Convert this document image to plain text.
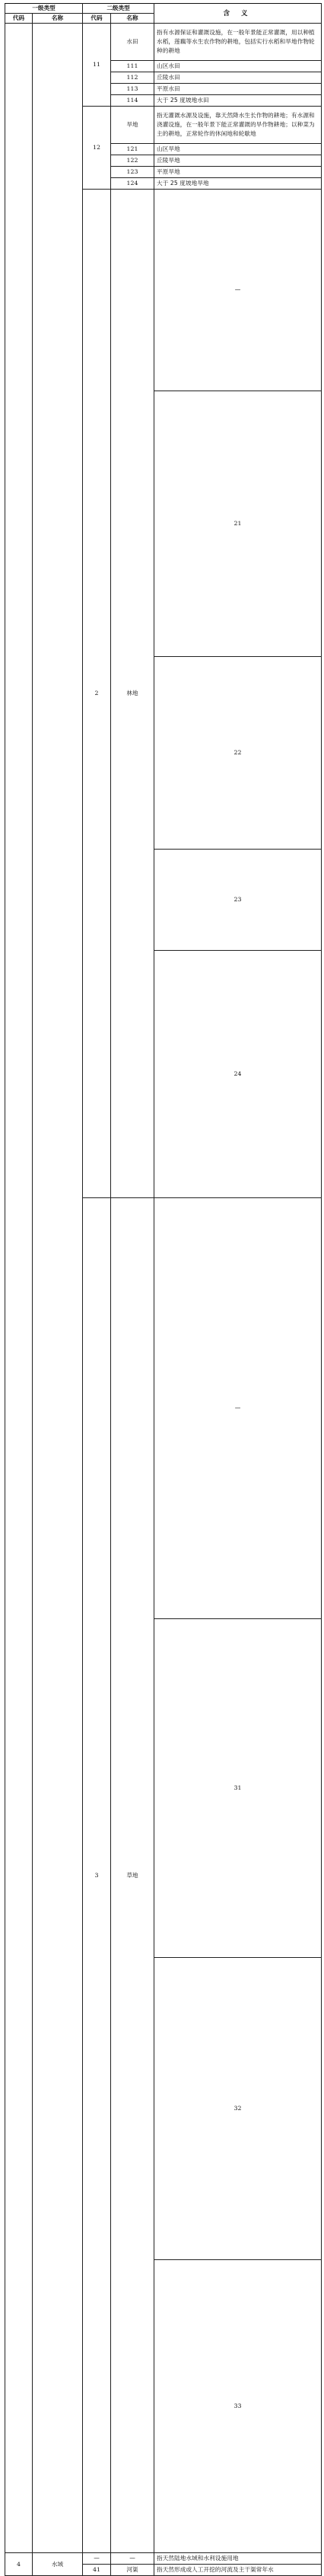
一级类型		二级类型		含 义	
代码	名称	代码	名称		
		11	水田	指有水源保证和灌溉设施，在一般年景能正常灌溉，用以种植水稻，莲藕等水生农作物的耕地，包括实行水稻和旱地作物轮种的耕地	
			111	山区水田	
			112	丘陵水田	
			113	平原水田	
			114	大于 25 度坡地水田	
		12	旱地	指无灌溉水源及设施，靠天然降水生长作物的耕地；有水源和浇灌设施，在一般年景下能正常灌溉的旱作物耕地；以种菜为主的耕地，正常轮作的休闲地和轮歇地	
			121	山区旱地	
			122	丘陵旱地	
			123	平原旱地	
			124	大于 25 度坡地旱地	
		2	林地	—		
				21		
				22		
				23		
				24		
		3	草地	—		
				31		
				32		
				33		
4	水域	—	—	指天然陆地水域和水利设施用地	
		41	河渠	指天然形成或人工开挖的河流及主干渠常年水	
